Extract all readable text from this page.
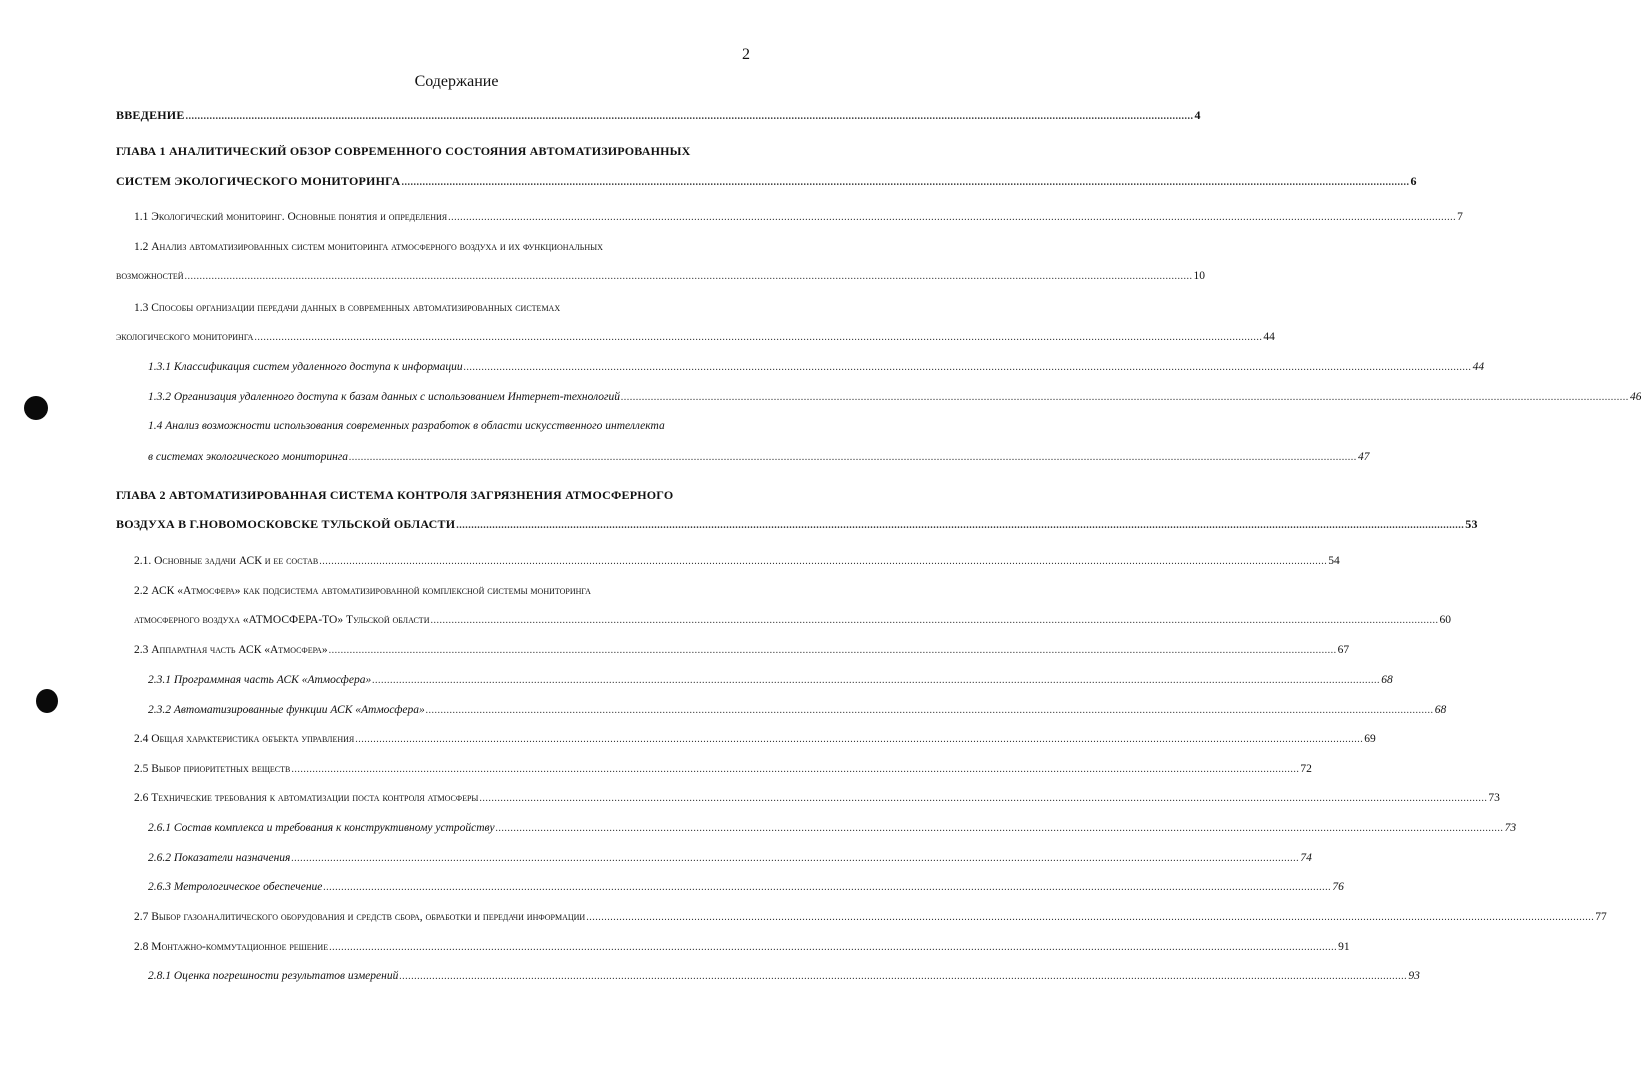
2
Содержание
ВВЕДЕНИЕ .....	4
ГЛАВА 1 АНАЛИТИЧЕСКИЙ ОБЗОР СОВРЕМЕННОГО СОСТОЯНИЯ АВТОМАТИЗИРОВАННЫХ
СИСТЕМ ЭКОЛОГИЧЕСКОГО МОНИТОРИНГА .....	6
1.1 Экологический мониторинг. Основные понятия и определения .....	7
1.2 Анализ автоматизированных систем мониторинга атмосферного воздуха и их функциональных
возможностей .....	10
1.3 Способы организации передачи данных в современных автоматизированных системах
экологического мониторинга .....	44
1.3.1 Классификация систем удаленного доступа к информации .....	44
1.3.2 Организация удаленного доступа к базам данных с использованием Интернет-технологий .....	46
1.4 Анализ возможности использования современных разработок в области искусственного интеллекта
в системах экологического мониторинга .....	47
ГЛАВА 2 АВТОМАТИЗИРОВАННАЯ СИСТЕМА КОНТРОЛЯ ЗАГРЯЗНЕНИЯ АТМОСФЕРНОГО
ВОЗДУХА В Г.НОВОМОСКОВСКЕ ТУЛЬСКОЙ ОБЛАСТИ .....	53
2.1. Основные задачи АСК и ее состав .....	54
2.2 АСК «Атмосфера» как подсистема автоматизированной комплексной системы мониторинга
атмосферного воздуха «АТМОСФЕРА-ТО» Тульской области .....	60
2.3 Аппаратная часть АСК «Атмосфера» .....	67
2.3.1 Программная часть АСК «Атмосфера» .....	68
2.3.2 Автоматизированные функции АСК «Атмосфера» .....	68
2.4 Общая характеристика объекта управления .....	69
2.5 Выбор приоритетных веществ .....	72
2.6 Технические требования к автоматизации поста контроля атмосферы .....	73
2.6.1 Состав комплекса и требования к конструктивному устройству .....	73
2.6.2 Показатели назначения .....	74
2.6.3 Метрологическое обеспечение .....	76
2.7 Выбор газоаналитического оборудования и средств сбора, обработки и передачи информации .....	77
2.8 Монтажно-коммутационное решение .....	91
2.8.1 Оценка погрешности результатов измерений .....	93
